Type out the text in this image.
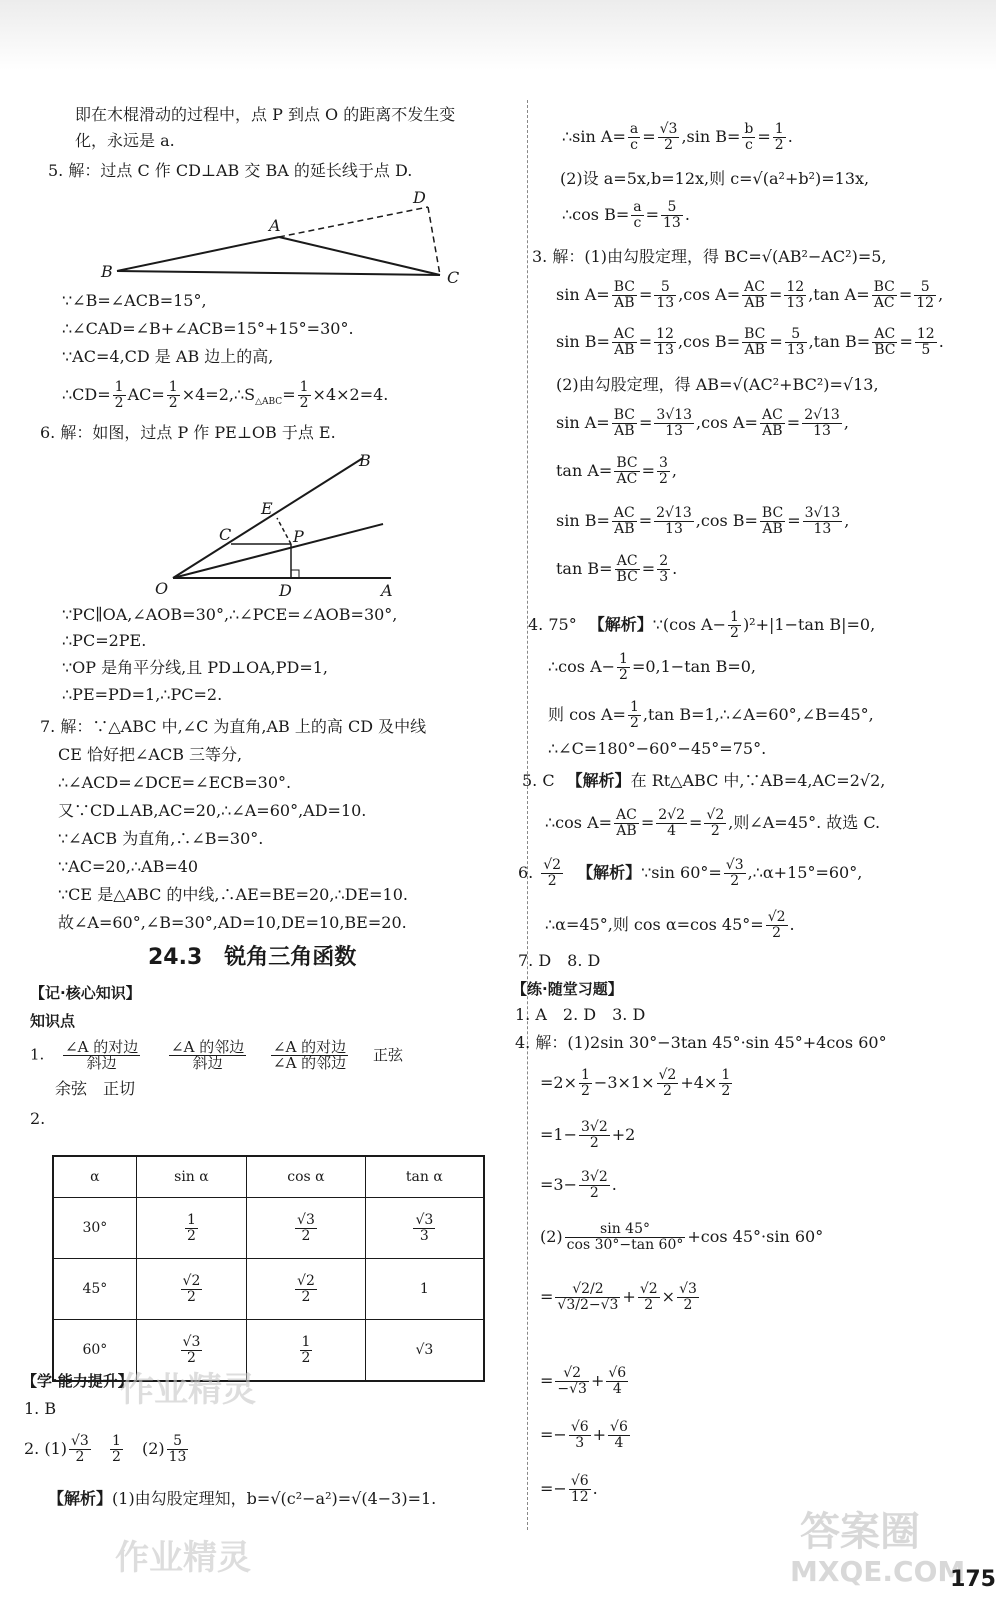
即在木棍滑动的过程中，点 P 到点 O 的距离不发生变
化，永远是 a.
5. 解：过点 C 作 CD⊥AB 交 BA 的延长线于点 D.
B
A
D
C
∵∠B=∠ACB=15°,
∴∠CAD=∠B+∠ACB=15°+15°=30°.
∵AC=4,CD 是 AB 边上的高,
∴CD= $\frac{1}{2} AC= \frac{1}{2}$ $\times 4=2,\therefore S_{\triangle ABC}= \frac{1}{2} \times 4\times 2=4$.
6. 解：如图，过点 P 作 PE⊥OB 于点 E.
B
E
C	P
O	D	A
∵PC∥OA,∠AOB=30°,∴∠PCE=∠AOB=30°,
∴PC=2PE.
∵OP 是角平分线,且 PD⊥OA,PD=1,
∴PE=PD=1,∴PC=2.
7. 解：∵△ABC 中,∠C 为直角,AB 上的高 CD 及中线
CE 恰好把∠ACB 三等分,
∴∠ACD=∠DCE=∠ECB=30°.
又∵CD⊥AB,AC=20,∴∠A=60°,AD=10.
∵∠ACB 为直角,∴∠B=30°.
∵AC=20,∴AB=40
∵CE 是△ABC 的中线,∴AE=BE=20,∴DE=10.
故∠A=60°,∠B=30°,AD=10,DE=10,BE=20.
24.3　锐角三角函数
【记·核心知识】
知识点
1. $\frac{\text{∠A 的对边}}{\text{斜边}}$
$\frac{\text{∠A 的邻边}}{\text{斜边}}$
$\frac{\text{∠A 的对边}}{\text{∠A 的邻边}}$ 正弦
余弦　正切
2.
α	sin α	cos α	tan α
30°	$\frac{1}{2}$	$\frac{√3}{2}$	$\frac{√3}{3}$

45°	$\frac{√2}{2}$	$\frac{√2}{2}$	1
60°	$\frac{√3}{2}$	$\frac{1}{2}$	√3
【学·能力提升】
1. B
2. $(1) \frac{√3}{2}$
$\frac{1}{2} (2) \frac{5}{13}$
【解析】(1)由勾股定理知，b=√(c²−a²)=√(4−3)=1.
∴sin $A= \frac{a}{c} = \frac{√3}{2} ,\sin$ $B= \frac{b}{c} = \frac{1}{2}$ .
(2)设 a=5x,b=12x,则 c=√(a²+b²)=13x,
∴cos $B= \frac{a}{c} = \frac{5}{13}$ .
3. 解：(1)由勾股定理，得 BC=√(AB²−AC²)=5,
$\sin A= \frac{BC}{AB} = \frac{5}{13} ,\cos$ $A= \frac{AC}{AB} = \frac{12}{13} ,\tan$ $A= \frac{BC}{AC} = \frac{5}{12}$ ,
$\sin B= \frac{AC}{AB} = \frac{12}{13} ,\cos$ $B= \frac{BC}{AB} = \frac{5}{13} ,\tan$ $B= \frac{AC}{BC} = \frac{12}{5}$ .
(2)由勾股定理，得 AB=√(AC²+BC²)=√13,
$\sin A= \frac{BC}{AB} = \frac{3√13}{13} ,\cos$ $A= \frac{AC}{AB} = \frac{2√13}{13}$ ,
$\tan A= \frac{BC}{AC} = \frac{3}{2}$ ,
$\sin B= \frac{AC}{AB} = \frac{2√13}{13} ,\cos$ $B= \frac{BC}{AB} = \frac{3√13}{13}$ ,
$\tan B= \frac{AC}{BC} = \frac{2}{3}$ .
4. 75° 【解析】∵(cos $A- \frac{1}{2} )^2+|1-\tan$ B|=0,
∴cos $A- \frac{1}{2} =0,1-\tan$ B=0,
则 $\cos A= \frac{1}{2} ,\tan$ B=1,∴∠A=60°,∠B=45°,
∴∠C=180°−60°−45°=75°.
5. C 【解析】在 Rt△ABC 中,∵AB=4,AC=2√2,
∴cos $A= \frac{AC}{AB} = \frac{2√2}{4} = \frac{√2}{2}$ ,则∠A=45°. 故选 C.
6. $\frac{√2}{2}$ 【解析】∵sin $60^\circ= \frac{√3}{2}$ ,∴α+15°=60°,
∴α=45°,则 cos α=cos $45^\circ= \frac{√2}{2}$ .
7. D　8. D
【练·随堂习题】
1. A　2. D　3. D
4. 解：(1)2sin 30°−3tan 45°·sin 45°+4cos 60°
$=2\times \frac{1}{2} -3\times 1\times \frac{√2}{2} +4\times \frac{1}{2}$
$=1- \frac{3√2}{2} +2$
$=3- \frac{3√2}{2}$ .
$(2) \frac{\sin 45^\circ}{\cos 30^\circ-\tan 60^\circ} +\cos$ 45°·sin 60°
= $\frac{√2/2}{√3/2-√3} + \frac{√2}{2} \times \frac{√3}{2}$
= $\frac{√2}{-√3} + \frac{√6}{4}$
=− $\frac{√6}{3} + \frac{√6}{4}$
=− $\frac{√6}{12}$ .
作业精灵
作业精灵
答案圈
MXQE.COM
175
